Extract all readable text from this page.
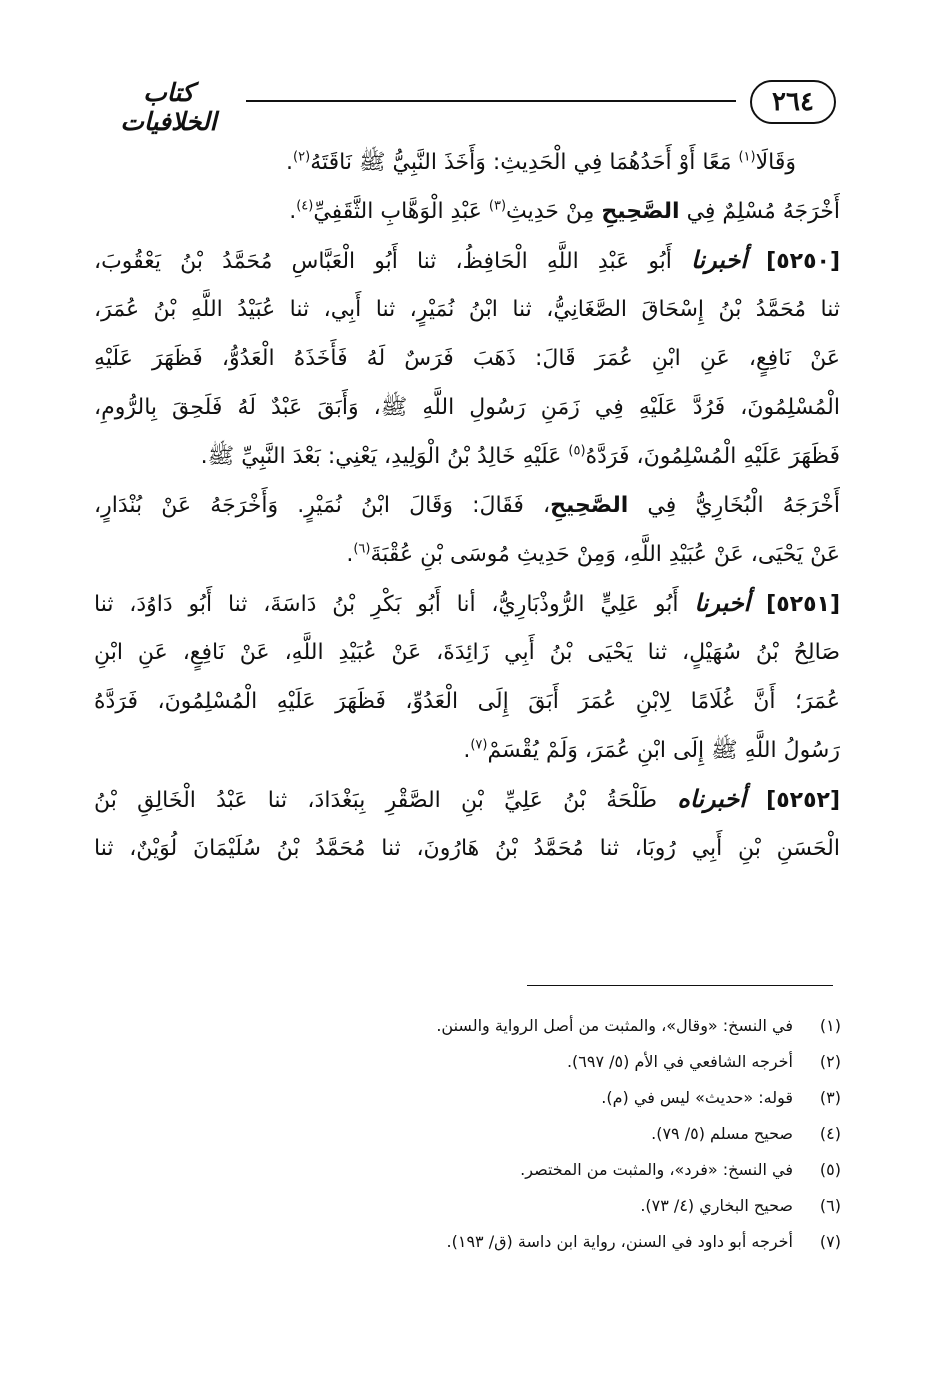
٢٦٤
كتاب الخلافيات
وَقَالَا$^{(١)}$ مَعًا أَوْ أَحَدُهُمَا فِي الْحَدِيثِ: وَأَخَذَ النَّبِيُّ ﷺ نَاقَتَهُ$^{(٢)}$.
أَخْرَجَهُ مُسْلِمٌ فِي الصَّحِيحِ مِنْ حَدِيثِ$^{(٣)}$ عَبْدِ الْوَهَّابِ الثَّقَفِيِّ$^{(٤)}$.
[٥٢٥٠] أخبرنا أَبُو عَبْدِ اللَّهِ الْحَافِظُ، ثنا أَبُو الْعَبَّاسِ مُحَمَّدُ بْنُ يَعْقُوبَ،
ثنا مُحَمَّدُ بْنُ إِسْحَاقَ الصَّغَانِيُّ، ثنا ابْنُ نُمَيْرٍ، ثنا أَبِي، ثنا عُبَيْدُ اللَّهِ بْنُ عُمَرَ،
عَنْ نَافِعٍ، عَنِ ابْنِ عُمَرَ قَالَ: ذَهَبَ فَرَسٌ لَهُ فَأَخَذَهُ الْعَدُوُّ، فَظَهَرَ عَلَيْهِ
الْمُسْلِمُونَ، فَرُدَّ عَلَيْهِ فِي زَمَنِ رَسُولِ اللَّهِ ﷺ، وَأَبَقَ عَبْدٌ لَهُ فَلَحِقَ بِالرُّومِ،
فَظَهَرَ عَلَيْهِ الْمُسْلِمُونَ، فَرَدَّهُ$^{(٥)}$ عَلَيْهِ خَالِدُ بْنُ الْوَلِيدِ، يَعْنِي: بَعْدَ النَّبِيِّ ﷺ.
أَخْرَجَهُ الْبُخَارِيُّ فِي الصَّحِيحِ، فَقَالَ: وَقَالَ ابْنُ نُمَيْرٍ. وَأَخْرَجَهُ عَنْ بُنْدَارٍ،
عَنْ يَحْيَى، عَنْ عُبَيْدِ اللَّهِ، وَمِنْ حَدِيثِ مُوسَى بْنِ عُقْبَةَ$^{(٦)}$.
[٥٢٥١] أخبرنا أَبُو عَلِيٍّ الرُّوذْبَارِيُّ، أنا أَبُو بَكْرِ بْنُ دَاسَةَ، ثنا أَبُو دَاوُدَ، ثنا
صَالِحُ بْنُ سُهَيْلٍ، ثنا يَحْيَى بْنُ أَبِي زَائِدَةَ، عَنْ عُبَيْدِ اللَّهِ، عَنْ نَافِعٍ، عَنِ ابْنِ
عُمَرَ؛ أَنَّ غُلَامًا لِابْنِ عُمَرَ أَبَقَ إِلَى الْعَدُوِّ، فَظَهَرَ عَلَيْهِ الْمُسْلِمُونَ، فَرَدَّهُ
رَسُولُ اللَّهِ ﷺ إِلَى ابْنِ عُمَرَ، وَلَمْ يُقْسَمْ$^{(٧)}$.
[٥٢٥٢] أخبرناه طَلْحَةُ بْنُ عَلِيِّ بْنِ الصَّقْرِ بِبَغْدَادَ، ثنا عَبْدُ الْخَالِقِ بْنُ
الْحَسَنِ بْنِ أَبِي رُوبَا، ثنا مُحَمَّدُ بْنُ هَارُونَ، ثنا مُحَمَّدُ بْنُ سُلَيْمَانَ لُوَيْنٌ، ثنا
(١)في النسخ: «وقال»، والمثبت من أصل الرواية والسنن.
(٢)أخرجه الشافعي في الأم (٥/ ٦٩٧).
(٣)قوله: «حديث» ليس في (م).
(٤)صحيح مسلم (٥/ ٧٩).
(٥)في النسخ: «فرد»، والمثبت من المختصر.
(٦)صحيح البخاري (٤/ ٧٣).
(٧)أخرجه أبو داود في السنن، رواية ابن داسة (ق/ ١٩٣).
